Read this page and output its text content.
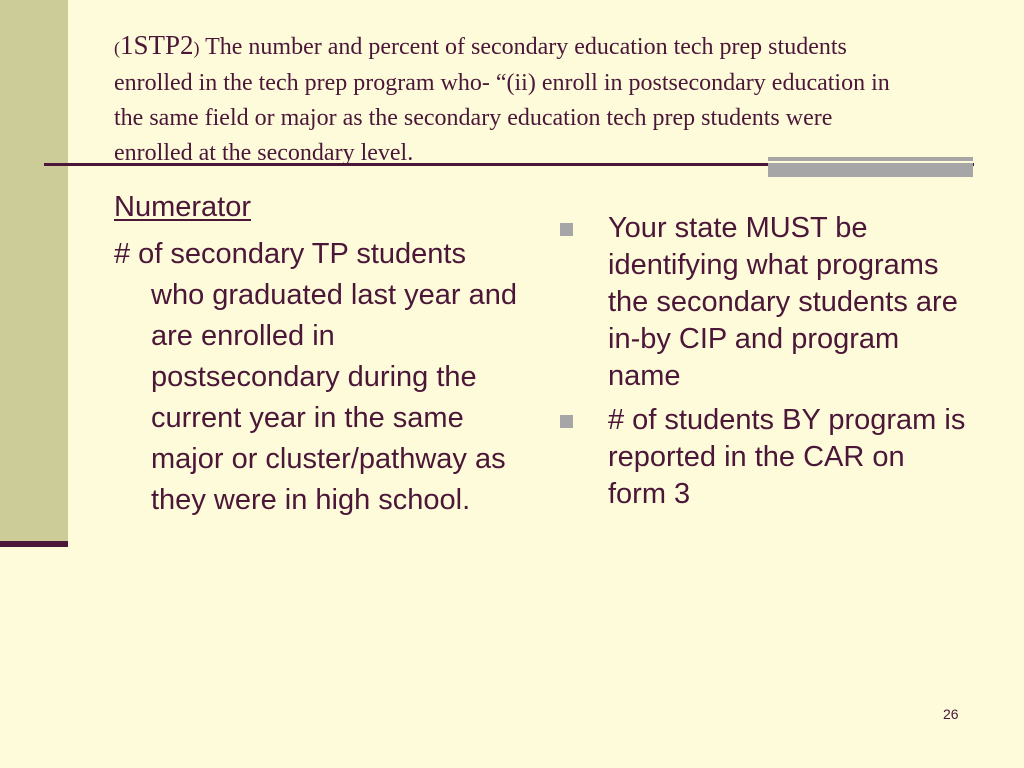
(1STP2) The number and percent of secondary education tech prep students enrolled in the tech prep program who- “(ii) enroll in postsecondary education in the same field or major as the secondary education tech prep students were enrolled at the secondary level.
Numerator

# of secondary TP students who graduated last year and are enrolled in postsecondary during the current year in the same major or cluster/pathway as they were in high school.

Your state MUST be identifying what programs the secondary students are in-by CIP and program name
# of students BY program is reported in the CAR on form 3
26
